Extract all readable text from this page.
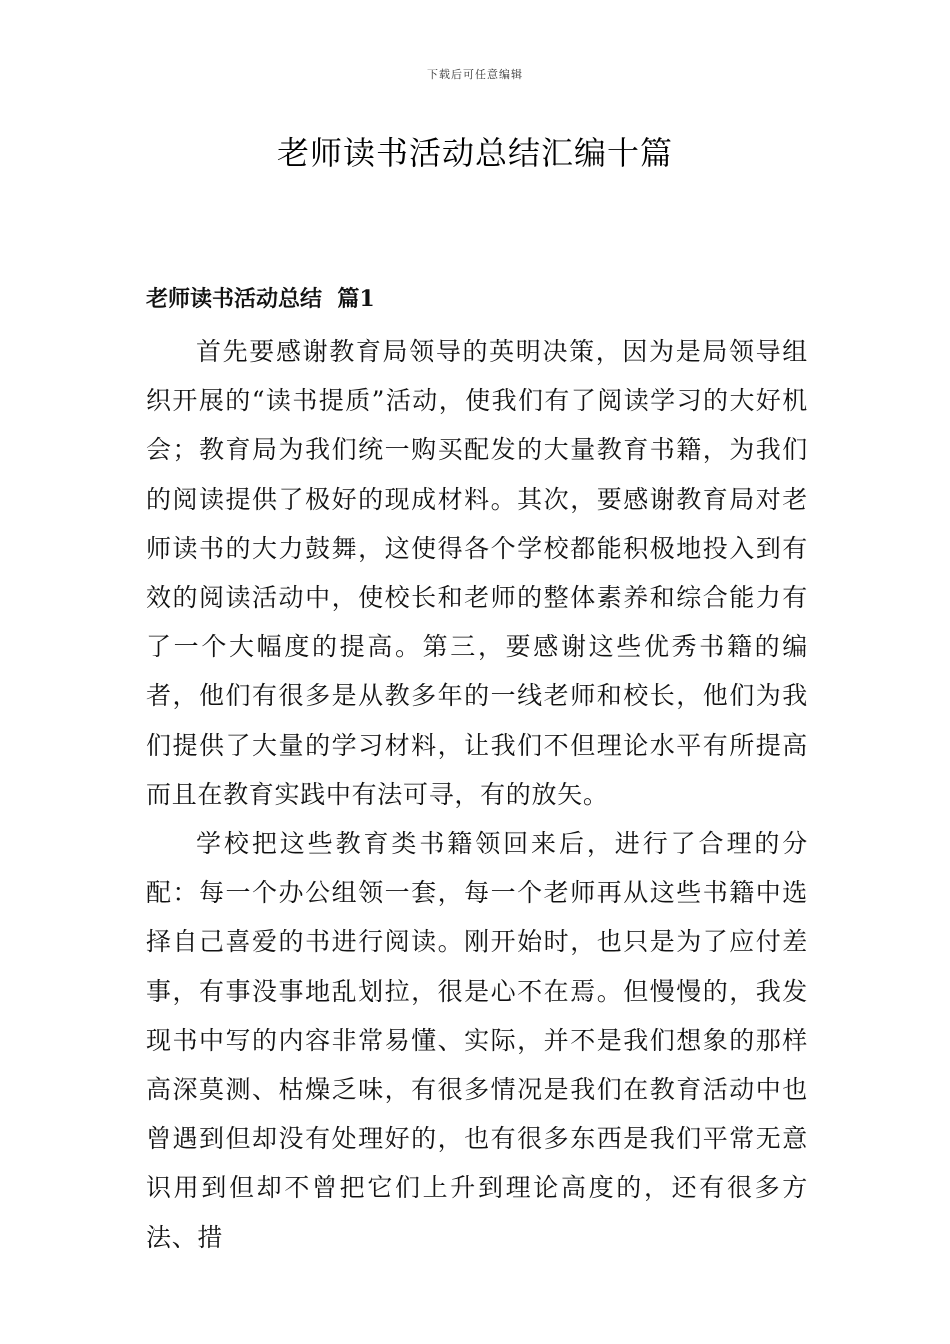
下载后可任意编辑
老师读书活动总结汇编十篇
老师读书活动总结  篇1

首先要感谢教育局领导的英明决策，因为是局领导组织开展的“读书提质”活动，使我们有了阅读学习的大好机会；教育局为我们统一购买配发的大量教育书籍，为我们的阅读提供了极好的现成材料。其次，要感谢教育局对老师读书的大力鼓舞，这使得各个学校都能积极地投入到有效的阅读活动中，使校长和老师的整体素养和综合能力有了一个大幅度的提高。第三，要感谢这些优秀书籍的编者，他们有很多是从教多年的一线老师和校长，他们为我们提供了大量的学习材料，让我们不但理论水平有所提高而且在教育实践中有法可寻，有的放矢。

学校把这些教育类书籍领回来后，进行了合理的分配：每一个办公组领一套，每一个老师再从这些书籍中选择自己喜爱的书进行阅读。刚开始时，也只是为了应付差事，有事没事地乱划拉，很是心不在焉。但慢慢的，我发现书中写的内容非常易懂、实际，并不是我们想象的那样高深莫测、枯燥乏味，有很多情况是我们在教育活动中也曾遇到但却没有处理好的，也有很多东西是我们平常无意识用到但却不曾把它们上升到理论高度的，还有很多方法、措
